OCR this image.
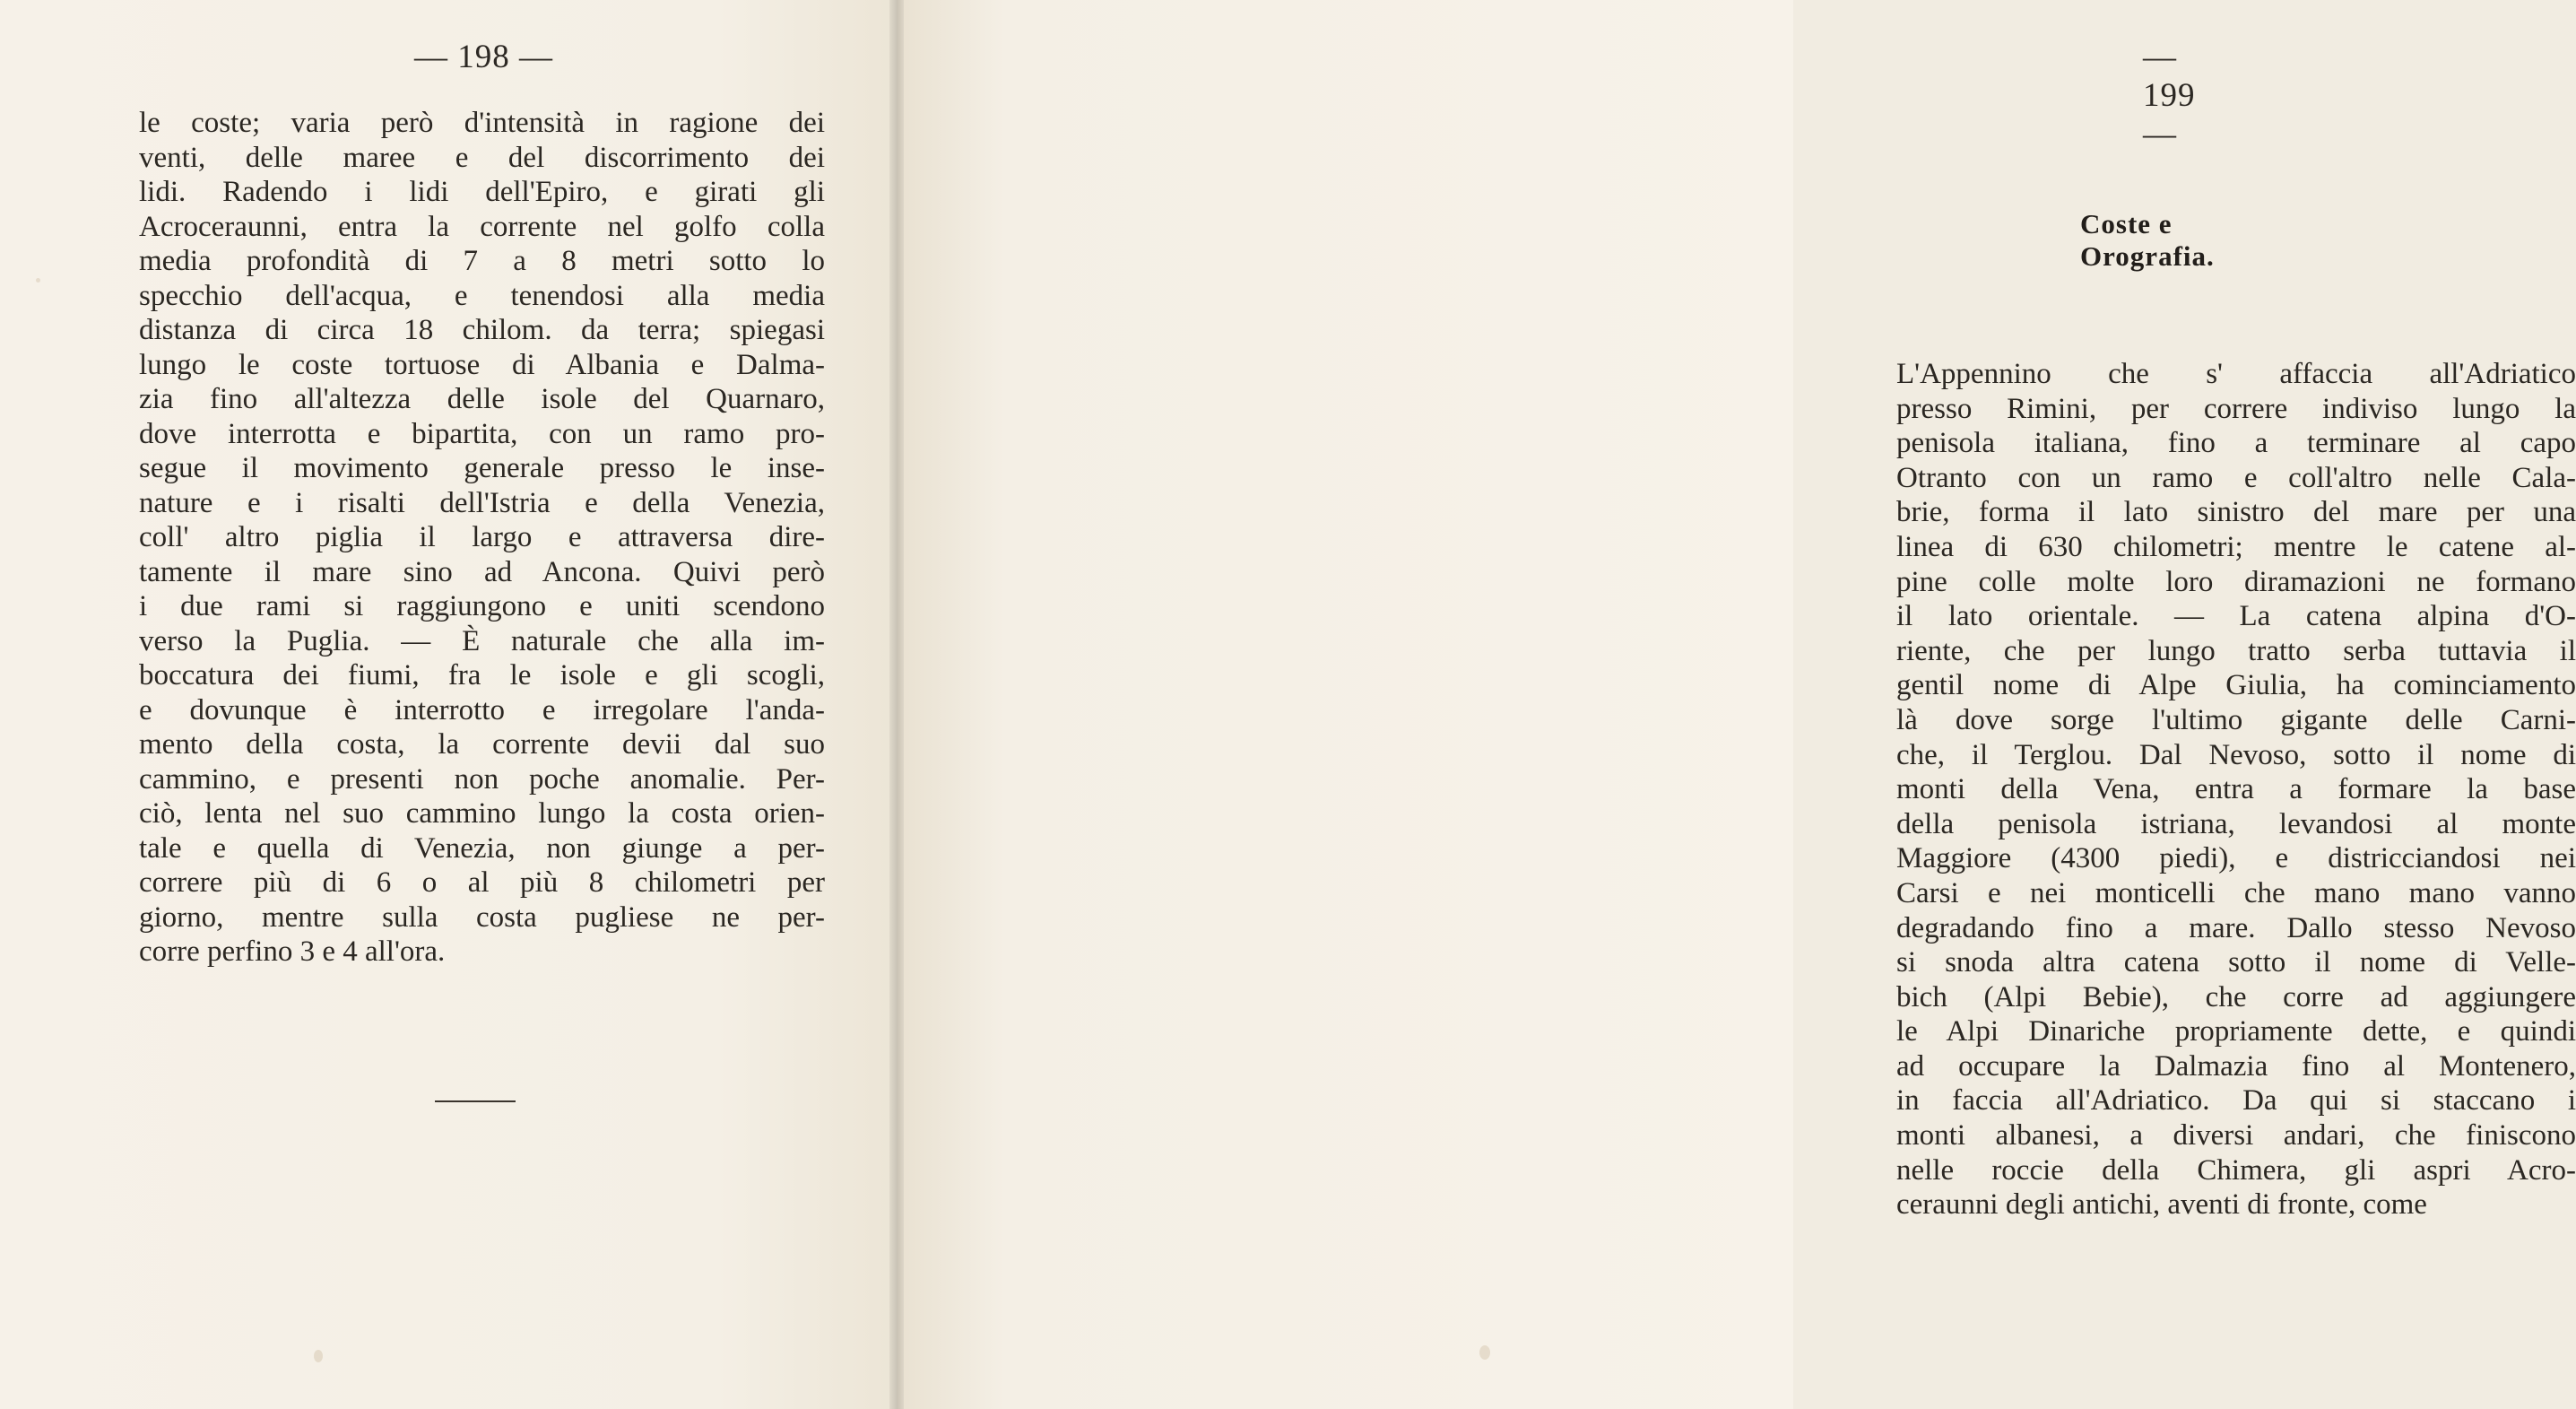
— 198 —
le coste; varia però d'intensità in ragione dei
venti, delle maree e del discorrimento dei
lidi. Radendo i lidi dell'Epiro, e girati gli
Acroceraunni, entra la corrente nel golfo colla
media profondità di 7 a 8 metri sotto lo
specchio dell'acqua, e tenendosi alla media
distanza di circa 18 chilom. da terra; spiegasi
lungo le coste tortuose di Albania e Dalma-
zia fino all'altezza delle isole del Quarnaro,
dove interrotta e bipartita, con un ramo pro-
segue il movimento generale presso le inse-
nature e i risalti dell'Istria e della Venezia,
coll' altro piglia il largo e attraversa dire-
tamente il mare sino ad Ancona. Quivi però
i due rami si raggiungono e uniti scendono
verso la Puglia. — È naturale che alla im-
boccatura dei fiumi, fra le isole e gli scogli,
e dovunque è interrotto e irregolare l'anda-
mento della costa, la corrente devii dal suo
cammino, e presenti non poche anomalie. Per-
ciò, lenta nel suo cammino lungo la costa orien-
tale e quella di Venezia, non giunge a per-
correre più di 6 o al più 8 chilometri per
giorno, mentre sulla costa pugliese ne per-
corre perfino 3 e 4 all'ora.
— 199 —
Coste e Orografia.
L'Appennino che s' affaccia all'Adriatico
presso Rimini, per correre indiviso lungo la
penisola italiana, fino a terminare al capo
Otranto con un ramo e coll'altro nelle Cala-
brie, forma il lato sinistro del mare per una
linea di 630 chilometri; mentre le catene al-
pine colle molte loro diramazioni ne formano
il lato orientale. — La catena alpina d'O-
riente, che per lungo tratto serba tuttavia il
gentil nome di Alpe Giulia, ha cominciamento
là dove sorge l'ultimo gigante delle Carni-
che, il Terglou. Dal Nevoso, sotto il nome di
monti della Vena, entra a formare la base
della penisola istriana, levandosi al monte
Maggiore (4300 piedi), e districciandosi nei
Carsi e nei monticelli che mano mano vanno
degradando fino a mare. Dallo stesso Nevoso
si snoda altra catena sotto il nome di Velle-
bich (Alpi Bebie), che corre ad aggiungere
le Alpi Dinariche propriamente dette, e quindi
ad occupare la Dalmazia fino al Montenero,
in faccia all'Adriatico. Da qui si staccano i
monti albanesi, a diversi andari, che finiscono
nelle roccie della Chimera, gli aspri Acro-
ceraunni degli antichi, aventi di fronte, come
